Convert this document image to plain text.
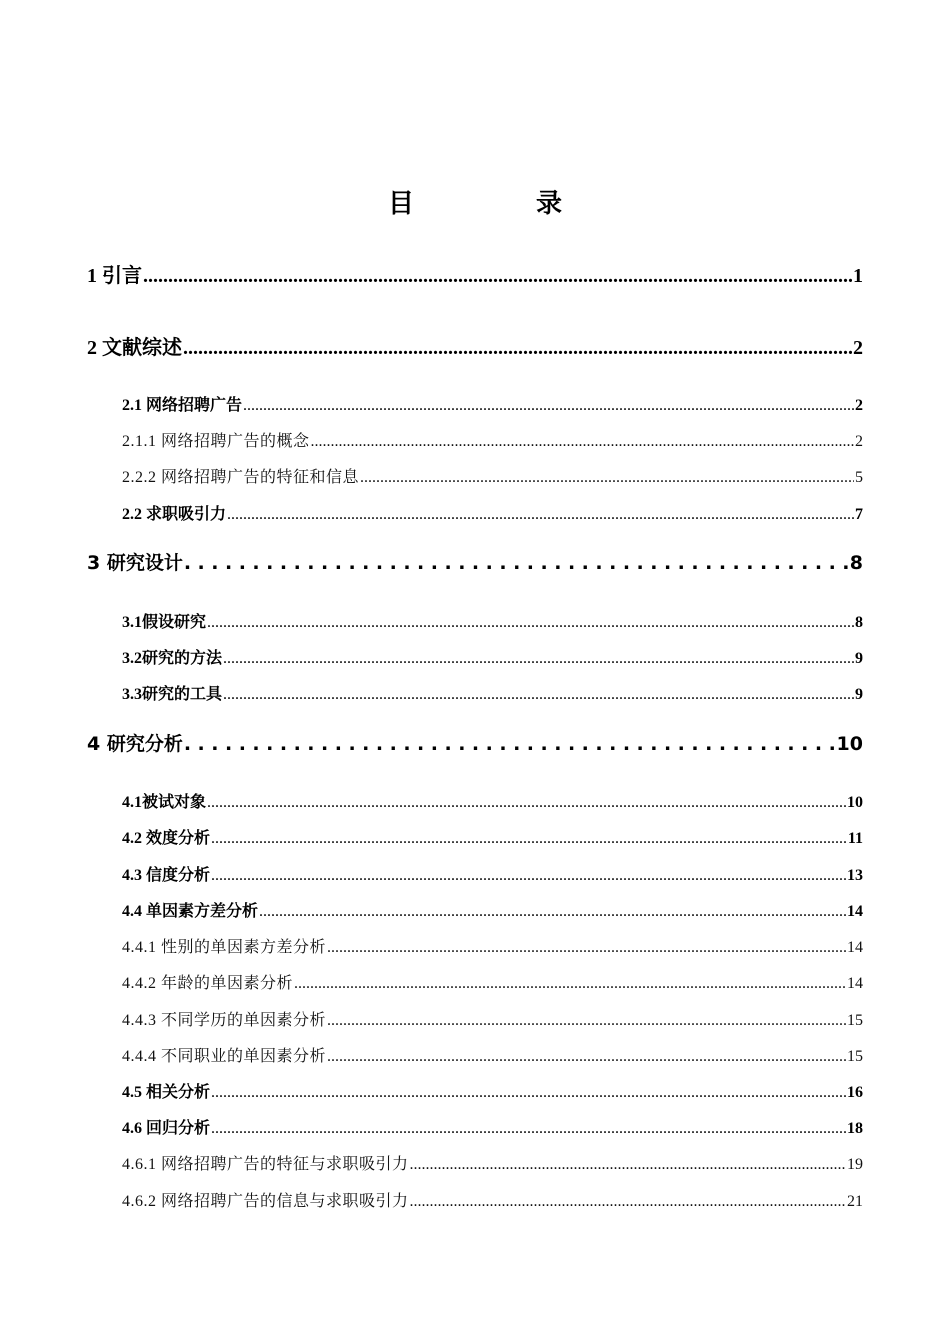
目　录
1 引言 .....	1
2 文献综述 .....	2
2.1 网络招聘广告 .....	2
2.1.1 网络招聘广告的概念 .....	2
2.2.2 网络招聘广告的特征和信息 .....	5
2.2 求职吸引力 .....	7
3 研究设计 .....	8
3.1假设研究 .....	8
3.2研究的方法 .....	9
3.3研究的工具 .....	9
4 研究分析 .....	10
4.1被试对象 .....	10
4.2 效度分析 .....	11
4.3 信度分析 .....	13
4.4 单因素方差分析 .....	14
4.4.1 性别的单因素方差分析 .....	14
4.4.2 年龄的单因素分析 .....	14
4.4.3 不同学历的单因素分析 .....	15
4.4.4 不同职业的单因素分析 .....	15
4.5 相关分析 .....	16
4.6 回归分析 .....	18
4.6.1 网络招聘广告的特征与求职吸引力 .....	19
4.6.2 网络招聘广告的信息与求职吸引力 .....	21
